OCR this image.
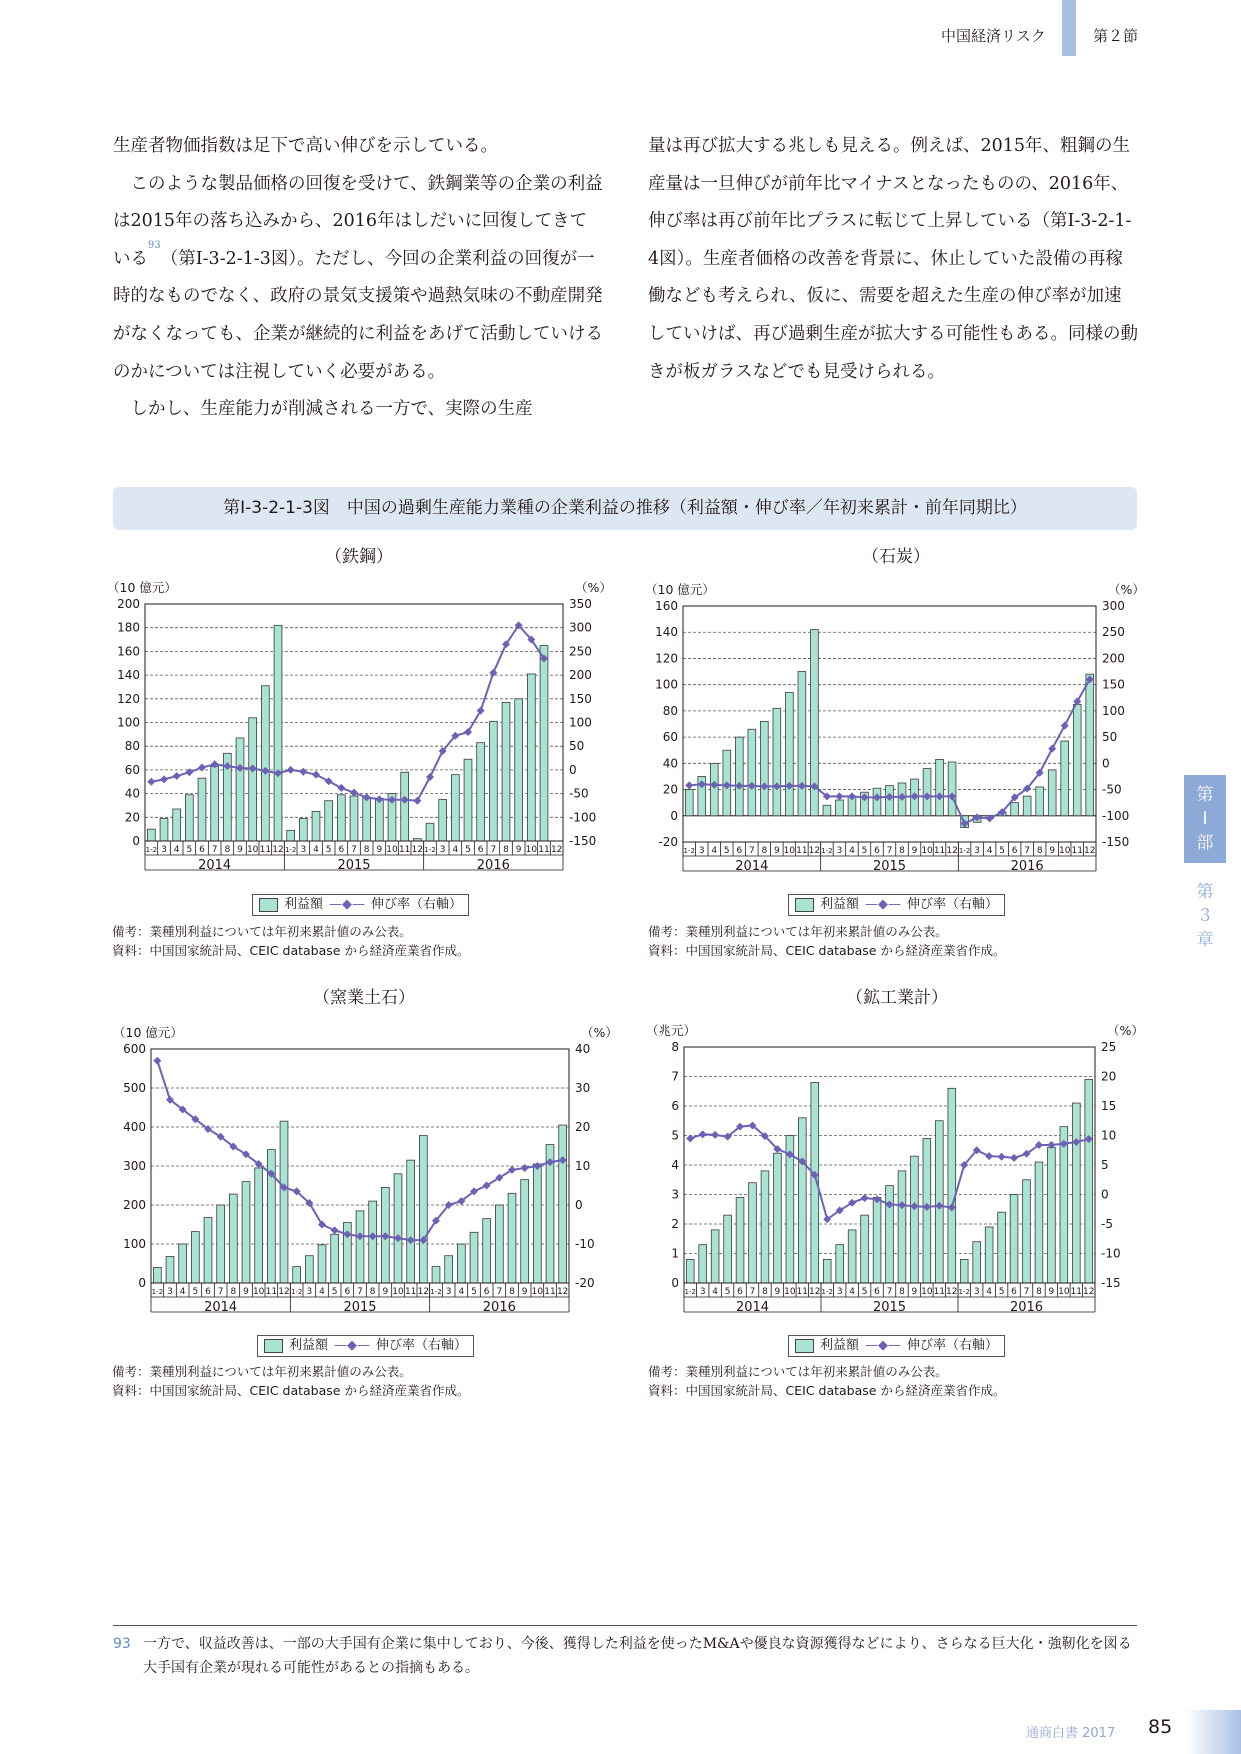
中国経済リスク	第２節

生産者物価指数は足下で高い伸びを示している。

このような製品価格の回復を受けて、鉄鋼業等の企業の利益は2015年の落ち込みから、2016年はしだいに回復してきている$^{93}$（第Ⅰ-3-2-1-3図）。ただし、今回の企業利益の回復が一時的なものでなく、政府の景気支援策や過熱気味の不動産開発がなくなっても、企業が継続的に利益をあげて活動していけるのかについては注視していく必要がある。

しかし、生産能力が削減される一方で、実際の生産

量は再び拡大する兆しも見える。例えば、2015年、粗鋼の生産量は一旦伸びが前年比マイナスとなったものの、2016年、伸び率は再び前年比プラスに転じて上昇している（第Ⅰ-3-2-1-4図）。生産者価格の改善を背景に、休止していた設備の再稼働なども考えられ、仮に、需要を超えた生産の伸び率が加速していけば、再び過剰生産が拡大する可能性もある。同様の動きが板ガラスなどでも見受けられる。

第Ⅰ-3-2-1-3図　中国の過剰生産能力業種の企業利益の推移（利益額・伸び率／年初来累計・前年同期比）
（鉄鋼）
（10 億元）	（%）
0
20
40
60
80
100
120
140
160
180
200
-150
-100
-50
0
50
100
150
200
250
300
350
1-2 3 4 5 6 7 8 9 10 11 12 1-2 3 4 5 6 7 8 9 10 11 12 1-2 3 4 5 6 7 8 9 10 11 12
2014	2015	2016
利益額 —◆— 伸び率（右軸）
備考：業種別利益については年初来累計値のみ公表。
資料：中国国家統計局、CEIC database から経済産業省作成。
（石炭）
（10 億元）	（%）
-20
0
20
40
60
80
100
120
140
160
-150
-100
-50
0
50
100
150
200
250
300
1-2 3 4 5 6 7 8 9 10 11 12 1-2 3 4 5 6 7 8 9 10 11 12 1-2 3 4 5 6 7 8 9 10 11 12
2014	2015	2016
利益額 —◆— 伸び率（右軸）
備考：業種別利益については年初来累計値のみ公表。
資料：中国国家統計局、CEIC database から経済産業省作成。
（窯業土石）
（10 億元）	（%）
0
100
200
300
400
500
600
-20
-10
0
10
20
30
40
1-2 3 4 5 6 7 8 9 10 11 12 1-2 3 4 5 6 7 8 9 10 11 12 1-2 3 4 5 6 7 8 9 10 11 12
2014	2015	2016
利益額 —◆— 伸び率（右軸）
備考：業種別利益については年初来累計値のみ公表。
資料：中国国家統計局、CEIC database から経済産業省作成。
（鉱工業計）
（兆元）	（%）
0
1
2
3
4
5
6
7
8
-15
-10
-5
0
5
10
15
20
25
1-2 3 4 5 6 7 8 9 10 11 12 1-2 3 4 5 6 7 8 9 10 11 12 1-2 3 4 5 6 7 8 9 10 11 12
2014	2015	2016
利益額 —◆— 伸び率（右軸）
備考：業種別利益については年初来累計値のみ公表。
資料：中国国家統計局、CEIC database から経済産業省作成。
第Ⅰ部
第３章
93 一方で、収益改善は、一部の大手国有企業に集中しており、今後、獲得した利益を使ったM&Aや優良な資源獲得などにより、さらなる巨大化・強靭化を図る大手国有企業が現れる可能性があるとの指摘もある。
通商白書 2017 85
